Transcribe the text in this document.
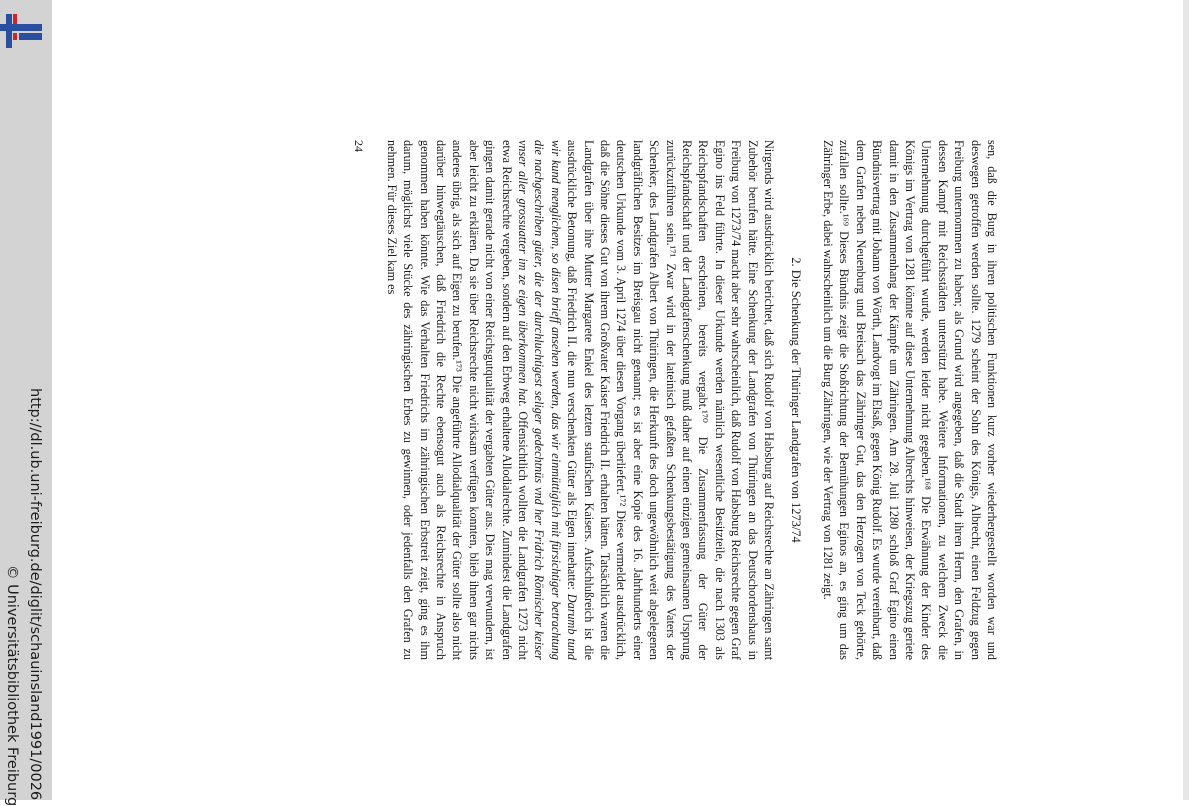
http://dl.ub.uni-freiburg.de/diglit/schauinsland1991/0026
© Universitätsbibliothek Freiburg

sen, daß die Burg in ihren politischen Funktionen kurz vorher wiederhergestellt worden war und deswegen getroffen werden sollte. 1279 scheint der Sohn des Königs, Albrecht, einen Feldzug gegen Freiburg unternommen zu haben; als Grund wird angegeben, daß die Stadt ihren Herrn, den Grafen, in dessen Kampf mit Reichsstädten unterstützt habe. Weitere Informationen, zu welchem Zweck die Unternehmung durchgeführt wurde, werden leider nicht gegeben.¹⁶⁸ Die Erwähnung der Kinder des Königs im Vertrag von 1281 könnte auf diese Unternehmung Albrechts hinweisen, der Kriegszug geriete damit in den Zusammenhang der Kämpfe um Zähringen. Am 28. Juli 1280 schloß Graf Egino einen Bündnisvertrag mit Johann von Wörth, Landvogt im Elsaß, gegen König Rudolf. Es wurde vereinbart, daß dem Grafen neben Neuenburg und Breisach das Zähringer Gut, das den Herzogen von Teck gehörte, zufallen sollte.¹⁶⁹ Dieses Bündnis zeigt die Stoßrichtung der Bemühungen Eginos an, es ging um das Zähringer Erbe, dabei wahrscheinlich um die Burg Zähringen, wie der Vertrag von 1281 zeigt.

2. Die Schenkung der Thüringer Landgrafen von 1273/74

Nirgends wird ausdrücklich berichtet, daß sich Rudolf von Habsburg auf Reichsrechte an Zähringen samt Zubehör berufen hätte. Eine Schenkung der Landgrafen von Thüringen an das Deutschordenshaus in Freiburg von 1273/74 macht aber sehr wahrscheinlich, daß Rudolf von Habsburg Reichsrechte gegen Graf Egino ins Feld führte. In dieser Urkunde werden nämlich wesentliche Besitzteile, die nach 1303 als Reichspfandschaften erscheinen, bereits vergabt.¹⁷⁰ Die Zusammenfassung der Güter der Reichspfandschaft und der Landgrafenschenkung muß daher auf einen einzigen gemeinsamen Ursprung zurückzuführen sein.¹⁷¹ Zwar wird in der lateinisch gefaßten Schenkungsbestätigung des Vaters der Schenker, des Landgrafen Albert von Thüringen, die Herkunft des doch ungewöhnlich weit abgelegenen landgräflichen Besitzes im Breisgau nicht genannt; es ist aber eine Kopie des 16. Jahrhunderts einer deutschen Urkunde vom 3. April 1274 über diesen Vorgang überliefert.¹⁷² Diese vermeldet ausdrücklich, daß die Söhne dieses Gut von ihrem Großvater Kaiser Friedrich II. erhalten hätten. Tatsächlich waren die Landgrafen über ihre Mutter Margarete Enkel des letzten staufischen Kaisers. Aufschlußreich ist die ausdrückliche Betonung, daß Friedrich II. die nun verschenkten Güter als Eigen innehatte: Darumb tund wir kund menglichem, so disen brieff ansehen werden, das wir einmüttiglich mit fürsichtiger betrachtung die nachgeschriben güter, die der durchluchtigest seliger gedechtnüs vnd her Fridrich Römischer keiser vnser aller grossuatter im ze eigen überkommen hat. Offensichtlich wollten die Landgrafen 1273 nicht etwa Reichsrechte vergeben, sondern auf den Erbweg erhaltene Allodialrechte. Zumindest die Landgrafen gingen damit gerade nicht von einer Reichsgutqualität der vergabten Güter aus. Dies mag verwundern, ist aber leicht zu erklären. Da sie über Reichsrechte nicht wirksam verfügen konnten, blieb ihnen gar nichts anderes übrig, als sich auf Eigen zu berufen.¹⁷³ Die angeführte Allodialqualität der Güter sollte also nicht darüber hinwegtäuschen, daß Friedrich die Rechte ebensogut auch als Reichsrechte in Anspruch genommen haben könnte. Wie das Verhalten Friedrichs im zähringischen Erbstreit zeigt, ging es ihm darum, möglichst viele Stücke des zähringischen Erbes zu gewinnen, oder jedenfalls den Grafen zu nehmen. Für dieses Ziel kam es

24
